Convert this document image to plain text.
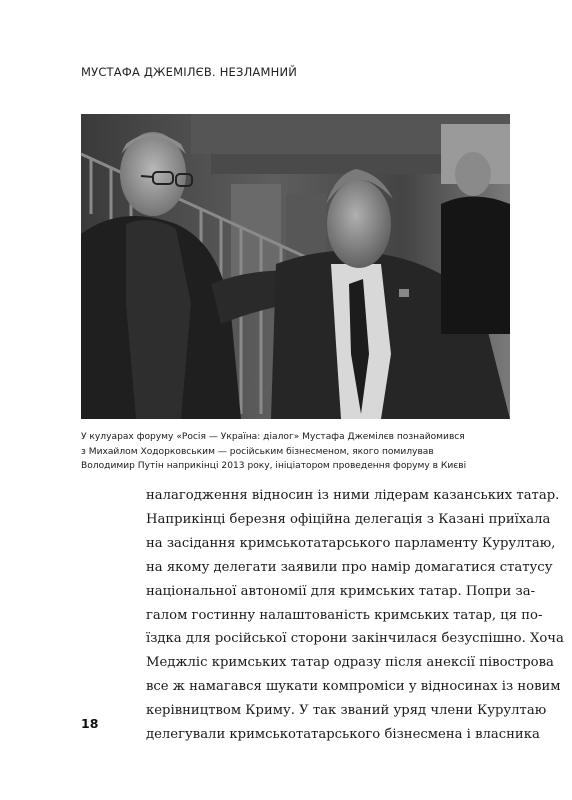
МУСТАФА ДЖЕМІЛЄВ. НЕЗЛАМНИЙ
У кулуарах форуму «Росія — Україна: діалог» Мустафа Джемілєв познайомився
з Михайлом Ходорковським — російським бізнесменом, якого помилував
Володимир Путін наприкінці 2013 року, ініціатором проведення форуму в Києві
налагодження відносин із ними лідерам казанських татар.
Наприкінці березня офіційна делегація з Казані приїхала
на засідання кримськотатарського парламенту Курултаю,
на якому делегати заявили про намір домагатися статусу
національної автономії для кримських татар. Попри за-
галом гостинну налаштованість кримських татар, ця по-
їздка для російської сторони закінчилася безуспішно. Хоча
Меджліс кримських татар одразу після анексії півострова
все ж намагався шукати компроміси у відносинах із новим
керівництвом Криму. У так званий уряд члени Курултаю
делегували кримськотатарського бізнесмена і власника
18
